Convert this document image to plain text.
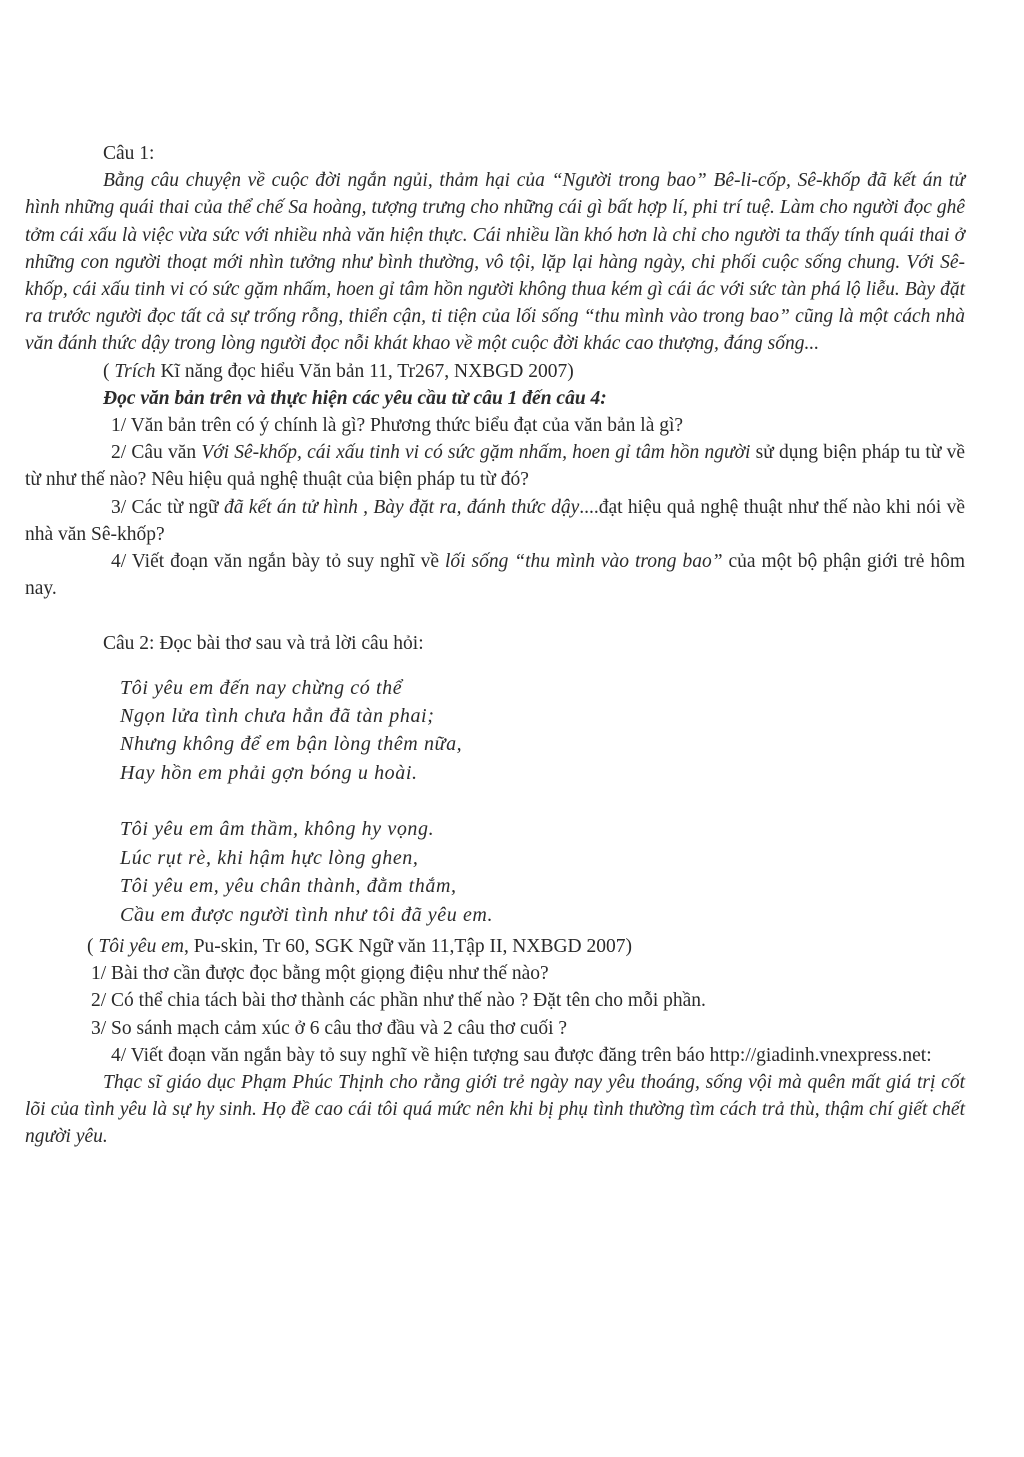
Câu 1:

Bằng câu chuyện về cuộc đời ngắn ngủi, thảm hại của “Người trong bao” Bê-li-cốp, Sê-khốp đã kết án tử hình những quái thai của thể chế Sa hoàng, tượng trưng cho những cái gì bất hợp lí, phi trí tuệ. Làm cho người đọc ghê tởm cái xấu là việc vừa sức với nhiều nhà văn hiện thực. Cái nhiều lần khó hơn là chỉ cho người ta thấy tính quái thai ở những con người thoạt mới nhìn tưởng như bình thường, vô tội, lặp lại hàng ngày, chi phối cuộc sống chung. Với Sê-khốp, cái xấu tinh vi có sức gặm nhấm, hoen gỉ tâm hồn người không thua kém gì cái ác với sức tàn phá lộ liễu. Bày đặt ra trước người đọc tất cả sự trống rỗng, thiển cận, ti tiện của lối sống “thu mình vào trong bao” cũng là một cách nhà văn đánh thức dậy trong lòng người đọc nỗi khát khao về một cuộc đời khác cao thượng, đáng sống...

( Trích Kĩ năng đọc hiểu Văn bản 11, Tr267, NXBGD 2007)

Đọc văn bản trên và thực hiện các yêu cầu từ câu 1 đến câu 4:

1/ Văn bản trên có ý chính là gì? Phương thức biểu đạt của văn bản là gì?

2/ Câu văn Với Sê-khốp, cái xấu tinh vi có sức gặm nhấm, hoen gỉ tâm hồn người sử dụng biện pháp tu từ về từ như thế nào? Nêu hiệu quả nghệ thuật của biện pháp tu từ đó?

3/ Các từ ngữ đã kết án tử hình , Bày đặt ra, đánh thức dậy....đạt hiệu quả nghệ thuật như thế nào khi nói về nhà văn Sê-khốp?

4/ Viết đoạn văn ngắn bày tỏ suy nghĩ về lối sống “thu mình vào trong bao” của một bộ phận giới trẻ hôm nay.

Câu 2: Đọc bài thơ sau và trả lời câu hỏi:

Tôi yêu em đến nay chừng có thể

Ngọn lửa tình chưa hẳn đã tàn phai;

Nhưng không để em bận lòng thêm nữa,

Hay hồn em phải gợn bóng u hoài.

Tôi yêu em âm thầm, không hy vọng.

Lúc rụt rè, khi hậm hực lòng ghen,

Tôi yêu em, yêu chân thành, đằm thắm,

Cầu em được người tình như tôi đã yêu em.

( Tôi yêu em, Pu-skin, Tr 60, SGK Ngữ văn 11,Tập II, NXBGD 2007)

1/ Bài thơ cần được đọc bằng một giọng điệu như thế nào?

2/ Có thể chia tách bài thơ thành các phần như thế nào ? Đặt tên cho mỗi phần.

3/ So sánh mạch cảm xúc ở 6 câu thơ đầu và 2 câu thơ cuối ?

4/ Viết đoạn văn ngắn bày tỏ suy nghĩ về hiện tượng sau được đăng trên báo http://giadinh.vnexpress.net:

Thạc sĩ giáo dục Phạm Phúc Thịnh cho rằng giới trẻ ngày nay yêu thoáng, sống vội mà quên mất giá trị cốt lõi của tình yêu là sự hy sinh. Họ đề cao cái tôi quá mức nên khi bị phụ tình thường tìm cách trả thù, thậm chí giết chết người yêu.
